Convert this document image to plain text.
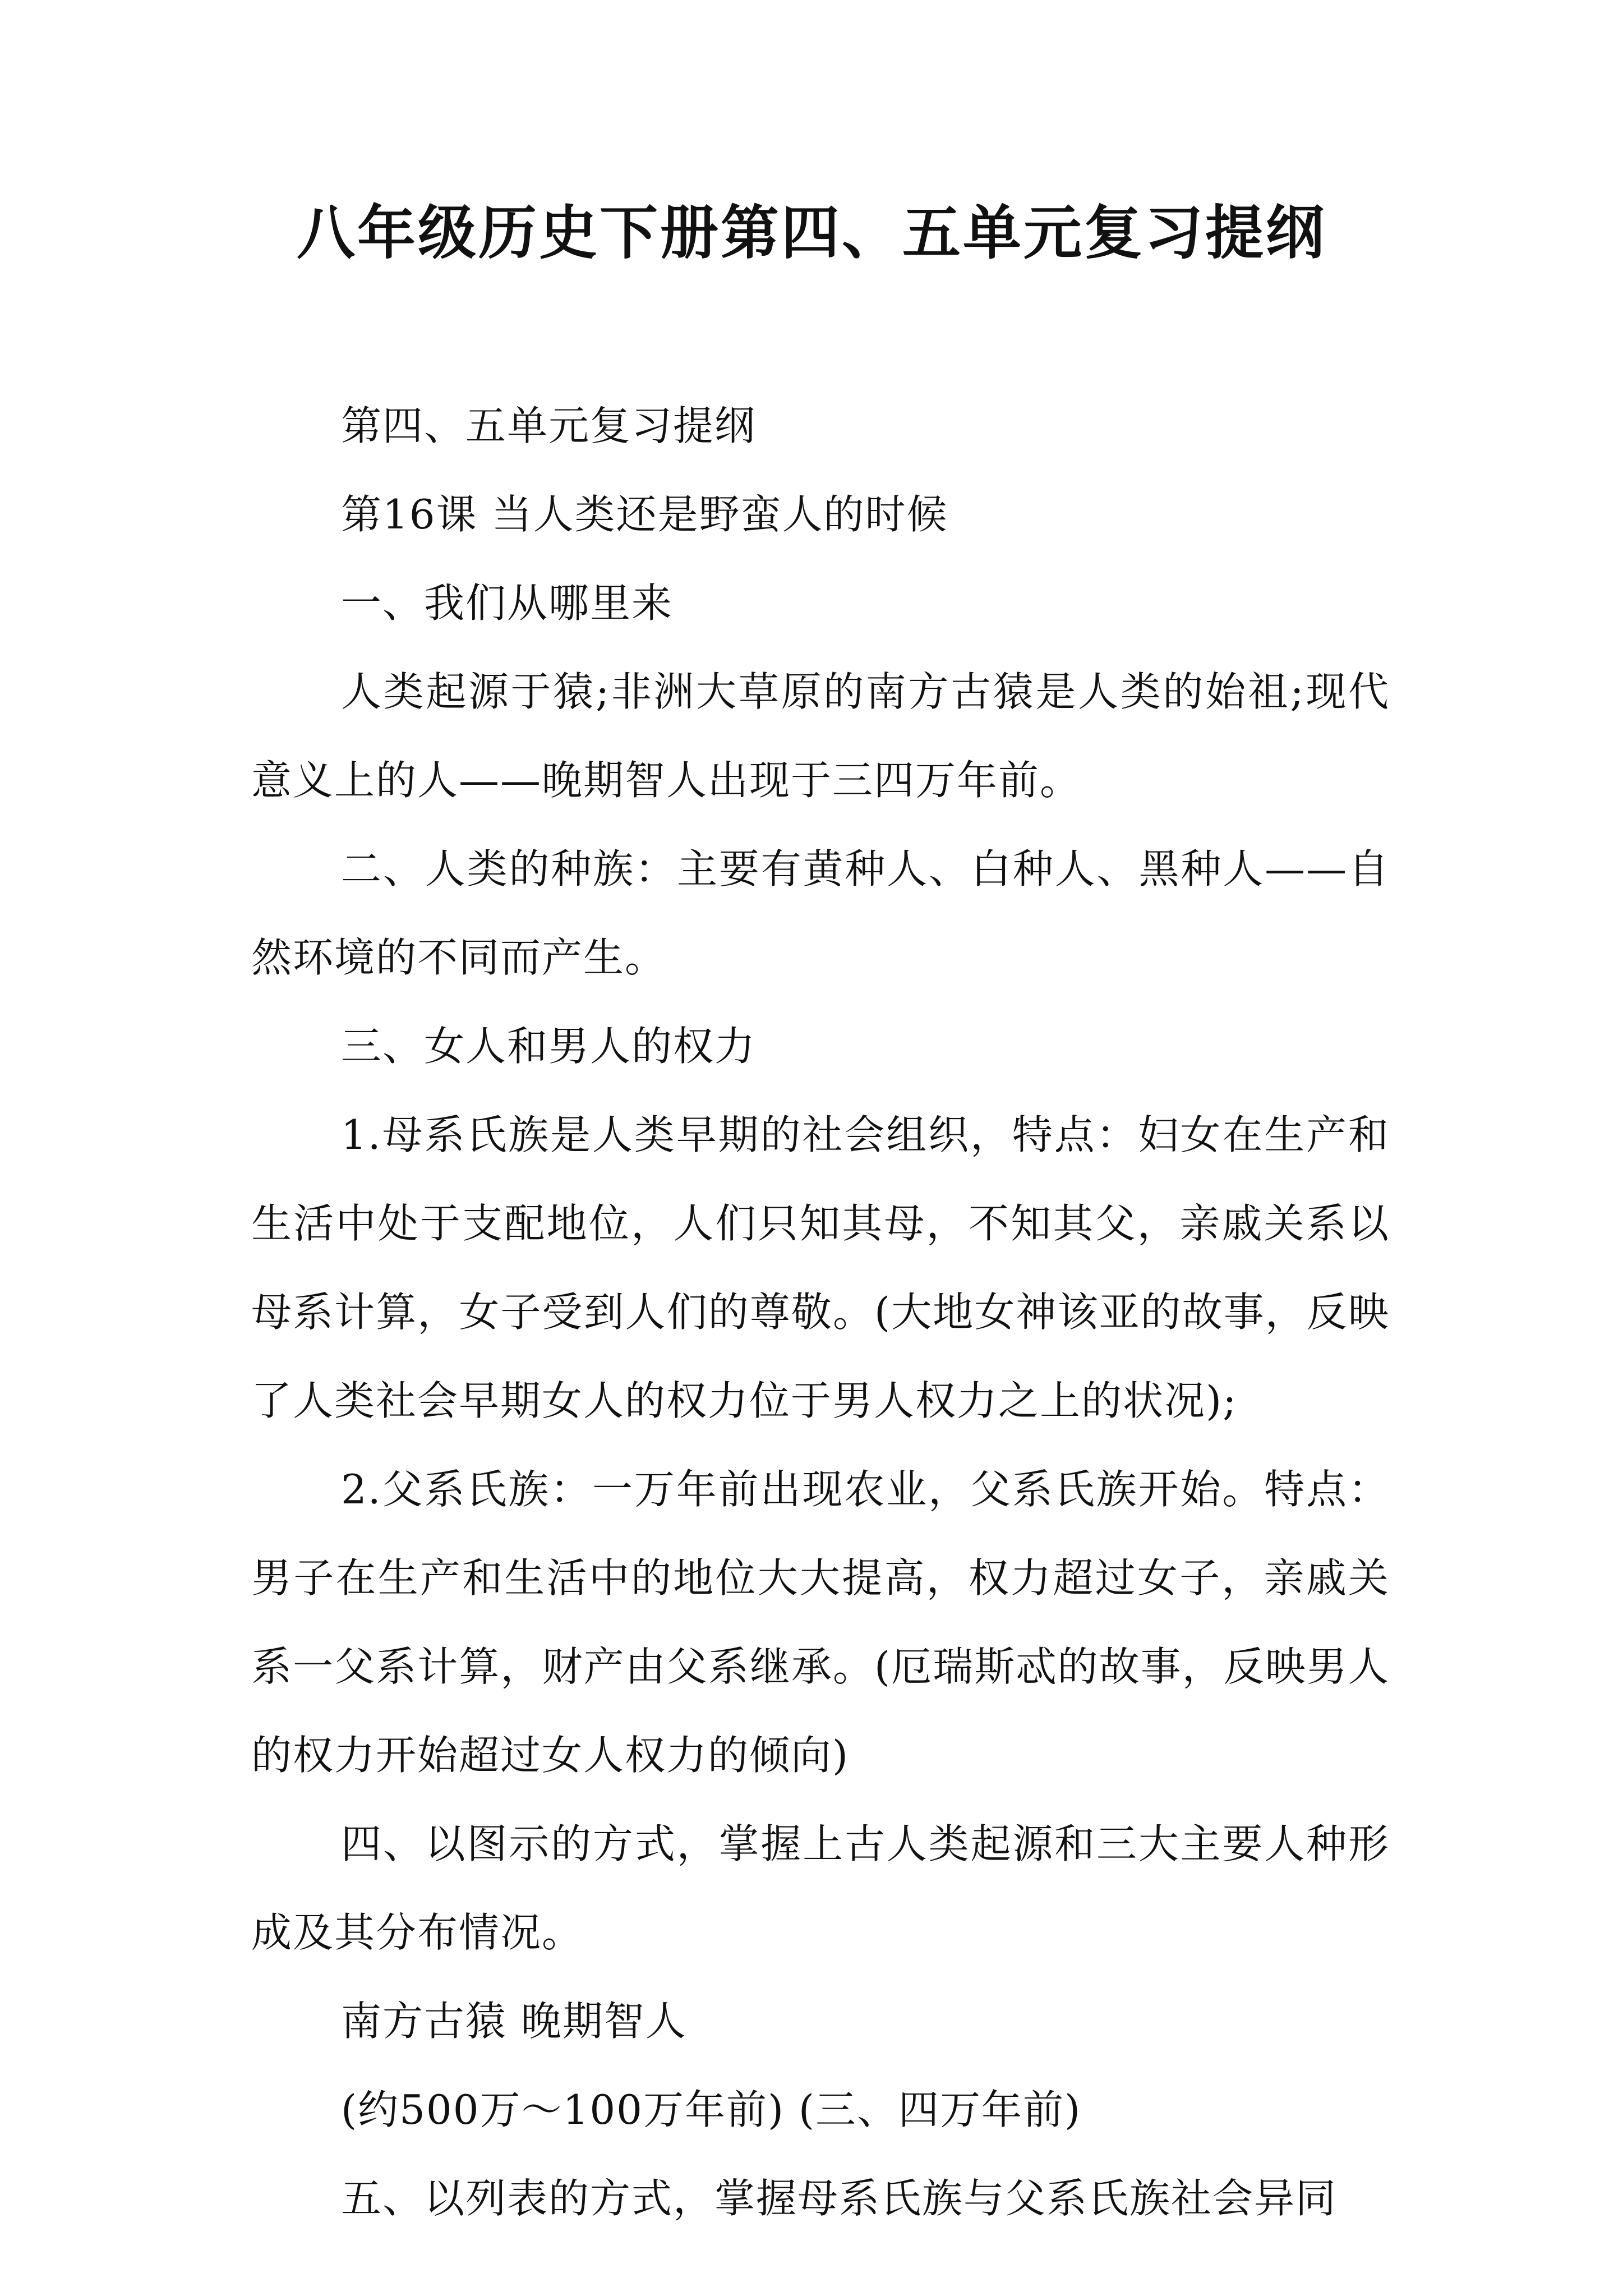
八年级历史下册第四、五单元复习提纲

第四、五单元复习提纲

第16课 当人类还是野蛮人的时候

一、我们从哪里来

人类起源于猿;非洲大草原的南方古猿是人类的始祖;现代意义上的人——晚期智人出现于三四万年前。

二、人类的种族：主要有黄种人、白种人、黑种人——自然环境的不同而产生。

三、女人和男人的权力

1.母系氏族是人类早期的社会组织，特点：妇女在生产和生活中处于支配地位，人们只知其母，不知其父，亲戚关系以母系计算，女子受到人们的尊敬。(大地女神该亚的故事，反映了人类社会早期女人的权力位于男人权力之上的状况);

2.父系氏族：一万年前出现农业，父系氏族开始。特点：男子在生产和生活中的地位大大提高，权力超过女子，亲戚关系一父系计算，财产由父系继承。(厄瑞斯忒的故事，反映男人的权力开始超过女人权力的倾向)

四、以图示的方式，掌握上古人类起源和三大主要人种形成及其分布情况。

南方古猿 晚期智人

(约500万～100万年前) (三、四万年前)

五、以列表的方式，掌握母系氏族与父系氏族社会异同
